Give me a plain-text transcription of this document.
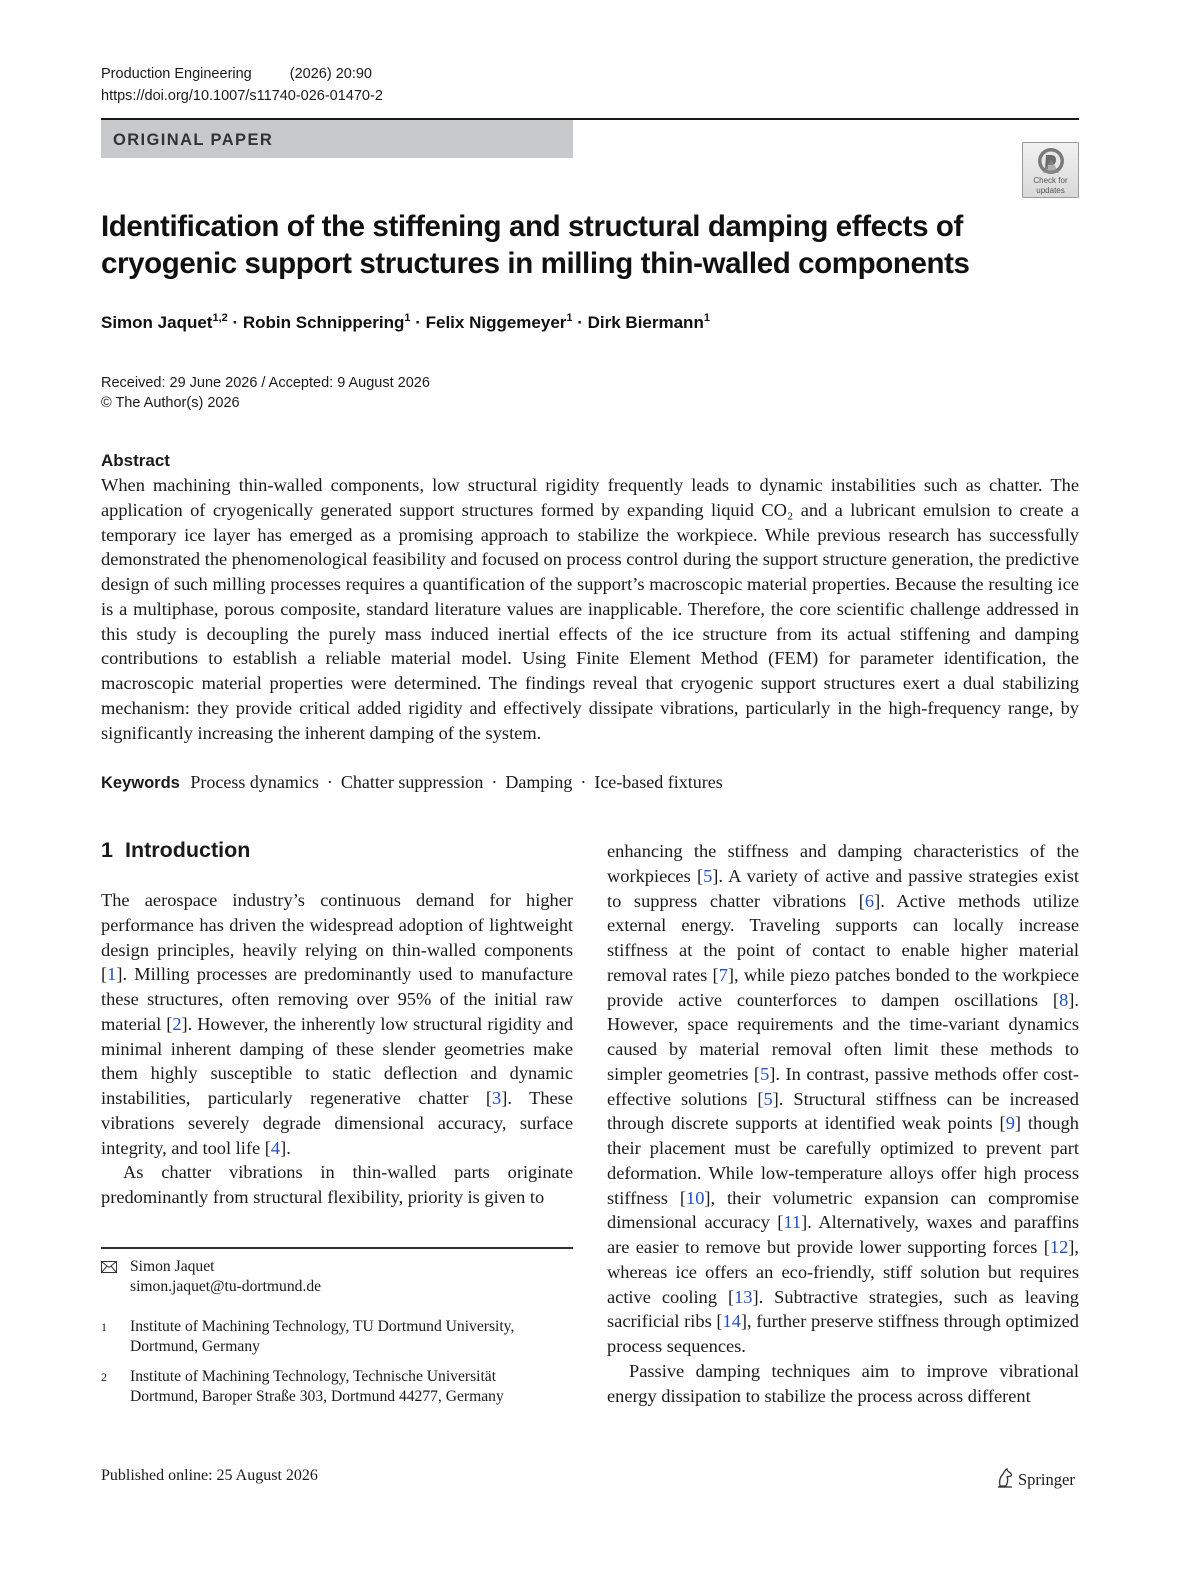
Production Engineering	(2026) 20:90
https://doi.org/10.1007/s11740-026-01470-2
ORIGINAL PAPER
Check for
updates
Identification of the stiffening and structural damping effects of
cryogenic support structures in milling thin-walled components
Simon Jaquet$^{1,2}$ · Robin Schnippering$^1$ · Felix Niggemeyer$^1$ · Dirk Biermann$^1$
Received: 29 June 2026 / Accepted: 9 August 2026
© The Author(s) 2026
Abstract
When machining thin-walled components, low structural rigidity frequently leads to dynamic instabilities such as chatter. The application of cryogenically generated support structures formed by expanding liquid CO₂ and a lubricant emulsion to create a temporary ice layer has emerged as a promising approach to stabilize the workpiece. While previous research has successfully demonstrated the phenomenological feasibility and focused on process control during the support structure generation, the predictive design of such milling processes requires a quantification of the support’s macroscopic material properties. Because the resulting ice is a multiphase, porous composite, standard literature values are inapplicable. Therefore, the core scientific challenge addressed in this study is decoupling the purely mass induced inertial effects of the ice structure from its actual stiffening and damping contributions to establish a reliable material model. Using Finite Element Method (FEM) for parameter identification, the macroscopic material properties were determined. The findings reveal that cryogenic support structures exert a dual stabilizing mechanism: they provide critical added rigidity and effectively dissipate vibrations, particularly in the high-frequency range, by significantly increasing the inherent damping of the system.
Keywords Process dynamics · Chatter suppression · Damping · Ice-based fixtures
1 Introduction

The aerospace industry’s continuous demand for higher performance has driven the widespread adoption of lightweight design principles, heavily relying on thin-walled components [1]. Milling processes are predominantly used to manufacture these structures, often removing over 95% of the initial raw material [2]. However, the inherently low structural rigidity and minimal inherent damping of these slender geometries make them highly susceptible to static deflection and dynamic instabilities, particularly regenerative chatter [3]. These vibrations severely degrade dimensional accuracy, surface integrity, and tool life [4].

As chatter vibrations in thin-walled parts originate predominantly from structural flexibility, priority is given to

enhancing the stiffness and damping characteristics of the workpieces [5]. A variety of active and passive strategies exist to suppress chatter vibrations [6]. Active methods utilize external energy. Traveling supports can locally increase stiffness at the point of contact to enable higher material removal rates [7], while piezo patches bonded to the workpiece provide active counterforces to dampen oscillations [8]. However, space requirements and the time-variant dynamics caused by material removal often limit these methods to simpler geometries [5]. In contrast, passive methods offer cost-effective solutions [5]. Structural stiffness can be increased through discrete supports at identified weak points [9] though their placement must be carefully optimized to prevent part deformation. While low-temperature alloys offer high process stiffness [10], their volumetric expansion can compromise dimensional accuracy [11]. Alternatively, waxes and paraffins are easier to remove but provide lower supporting forces [12], whereas ice offers an eco-friendly, stiff solution but requires active cooling [13]. Subtractive strategies, such as leaving sacrificial ribs [14], further preserve stiffness through optimized process sequences.

Passive damping techniques aim to improve vibrational energy dissipation to stabilize the process across different

Simon Jaquet
simon.jaquet@tu-dortmund.de
1 Institute of Machining Technology, TU Dortmund University,
Dortmund, Germany
2 Institute of Machining Technology, Technische Universität
Dortmund, Baroper Straße 303, Dortmund 44277, Germany
Published online: 25 August 2026	Springer
